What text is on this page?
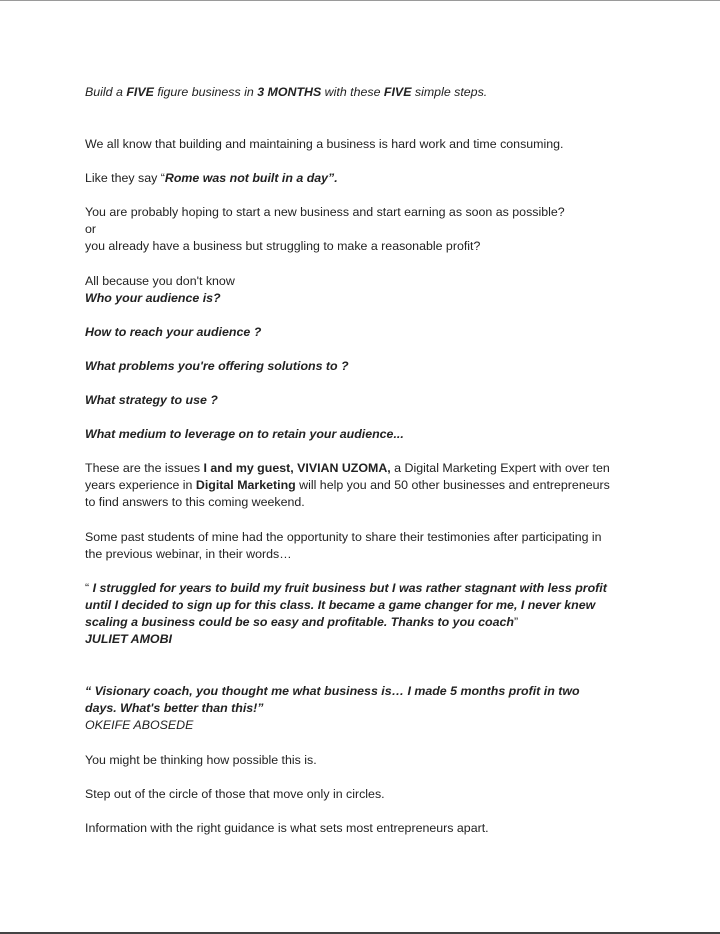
Build a FIVE figure business in 3 MONTHS with these FIVE simple steps.
We all know that building and maintaining a business is hard work and time consuming.
Like they say “Rome was not built in a day”.
You are probably hoping to start a new business and start earning as soon as possible?
or
you already have a business but struggling to make a reasonable profit?
All because you don't know
Who your audience is?
How to reach your audience ?
What problems you're offering solutions to ?
What strategy to use ?
What medium to leverage on to retain your audience...
These are the issues I and my guest, VIVIAN UZOMA, a Digital Marketing Expert with over ten
years experience in Digital Marketing will help you and 50 other businesses and entrepreneurs
to find answers to this coming weekend.
Some past students of mine had the opportunity to share their testimonies after participating in
the previous webinar, in their words…
“ I struggled for years to build my fruit business but I was rather stagnant with less profit
until I decided to sign up for this class. It became a game changer for me, I never knew
scaling a business could be so easy and profitable. Thanks to you coach”
JULIET AMOBI
“ Visionary coach, you thought me what business is… I made 5 months profit in two
days. What's better than this!”
OKEIFE ABOSEDE
You might be thinking how possible this is.
Step out of the circle of those that move only in circles.
Information with the right guidance is what sets most entrepreneurs apart.
